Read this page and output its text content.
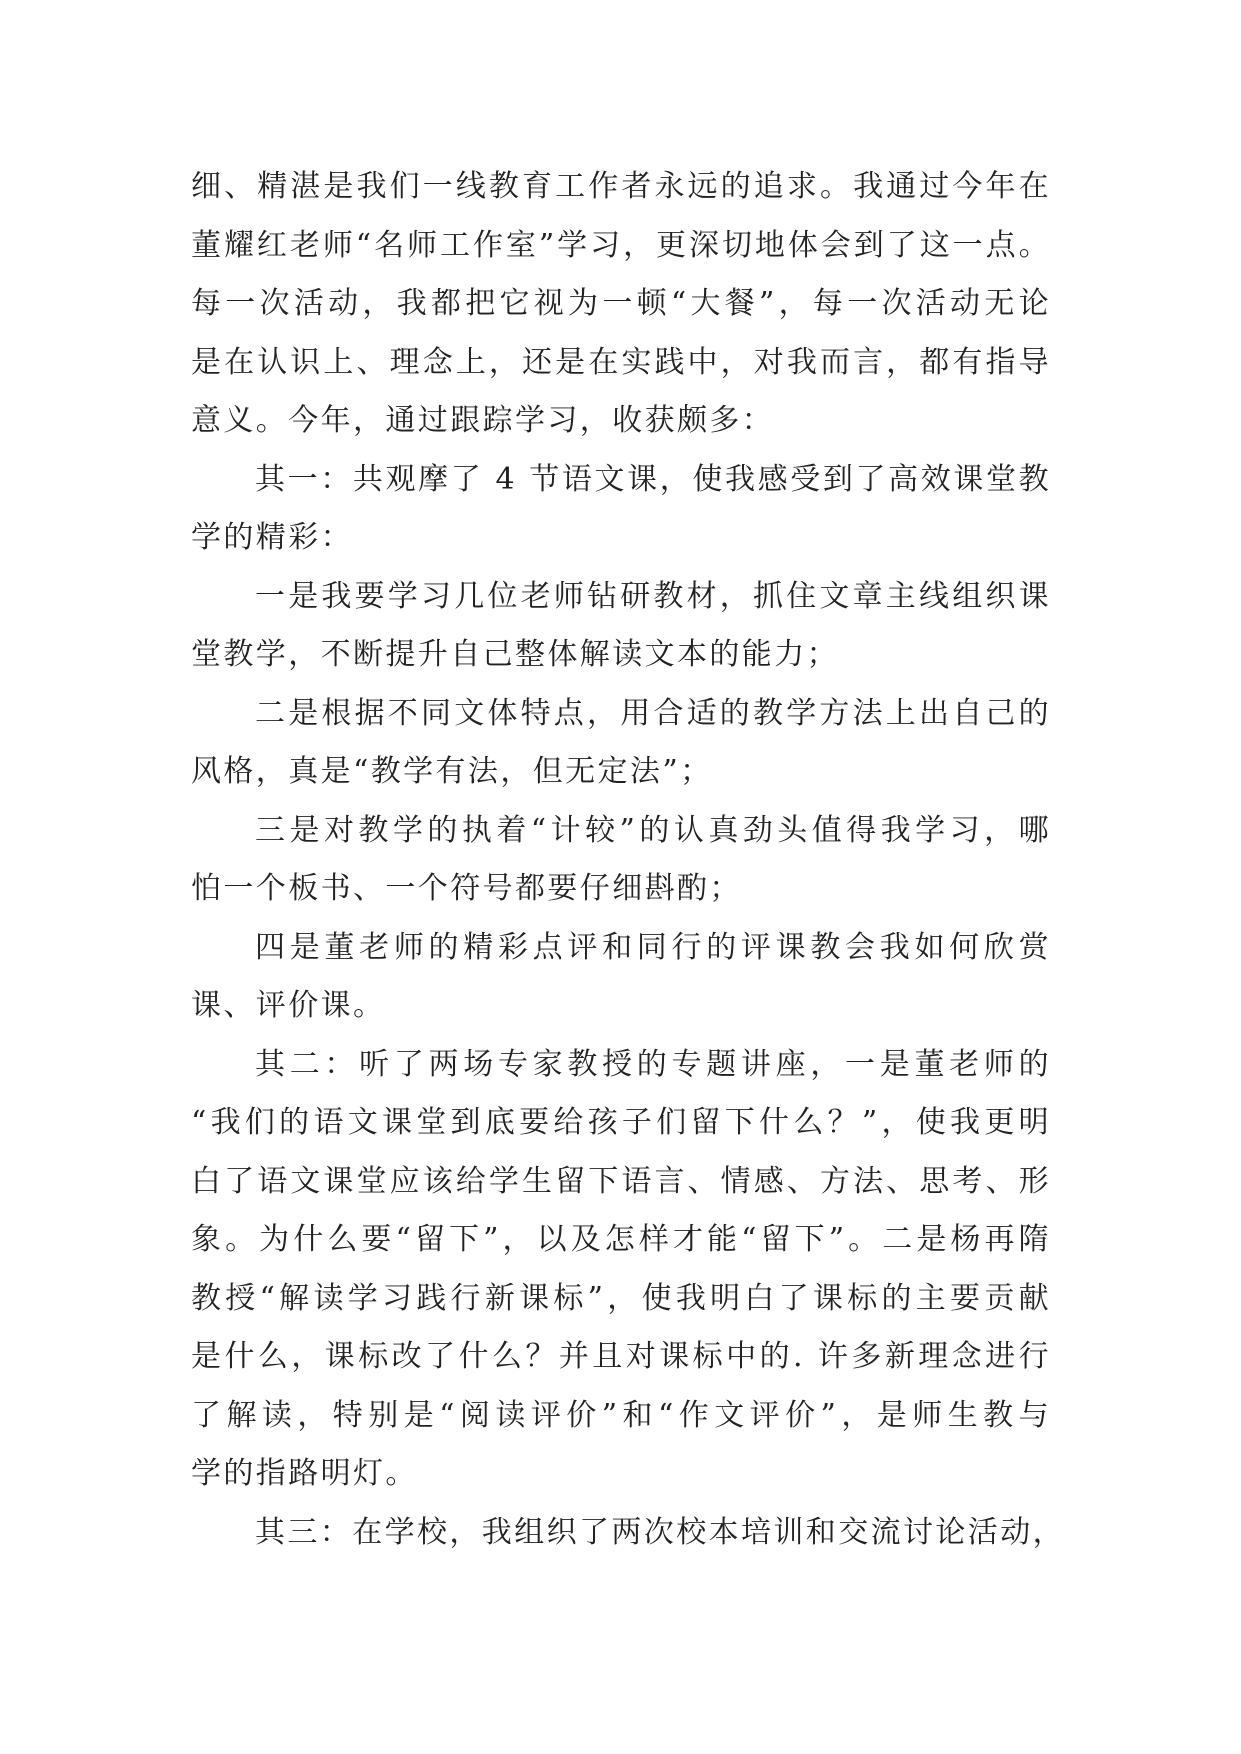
细、精湛是我们一线教育工作者永远的追求。我通过今年在
董耀红老师“名师工作室”学习，更深切地体会到了这一点。
每一次活动，我都把它视为一顿“大餐”，每一次活动无论
是在认识上、理念上，还是在实践中，对我而言，都有指导
意义。今年，通过跟踪学习，收获颇多：
其一：共观摩了 4 节语文课，使我感受到了高效课堂教
学的精彩：
一是我要学习几位老师钻研教材，抓住文章主线组织课
堂教学，不断提升自己整体解读文本的能力；
二是根据不同文体特点，用合适的教学方法上出自己的
风格，真是“教学有法，但无定法”；
三是对教学的执着“计较”的认真劲头值得我学习，哪
怕一个板书、一个符号都要仔细斟酌；
四是董老师的精彩点评和同行的评课教会我如何欣赏
课、评价课。
其二：听了两场专家教授的专题讲座，一是董老师的
“我们的语文课堂到底要给孩子们留下什么？”，使我更明
白了语文课堂应该给学生留下语言、情感、方法、思考、形
象。为什么要“留下”，以及怎样才能“留下”。二是杨再隋
教授“解读学习践行新课标”，使我明白了课标的主要贡献
是什么，课标改了什么？并且对课标中的. 许多新理念进行
了解读，特别是“阅读评价”和“作文评价”，是师生教与
学的指路明灯。
其三：在学校，我组织了两次校本培训和交流讨论活动，
